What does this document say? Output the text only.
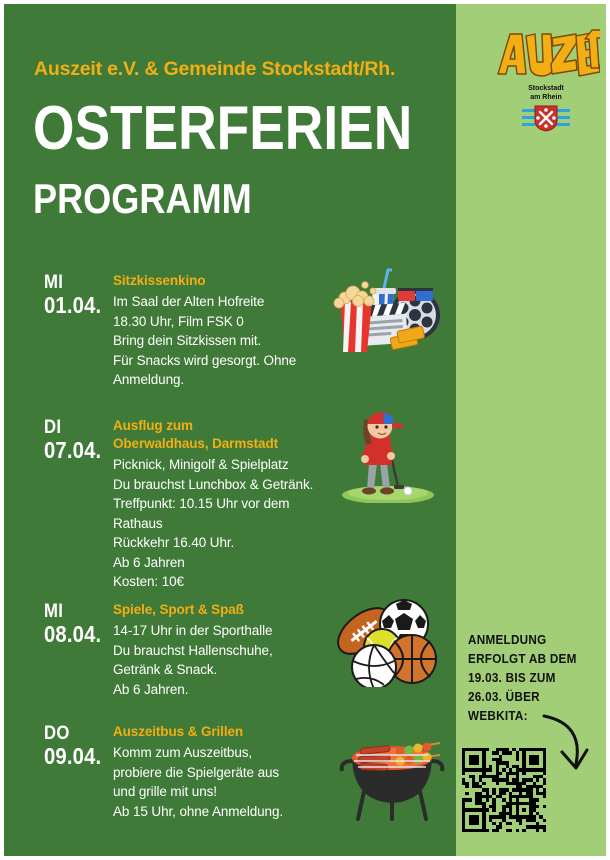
Auszeit e.V. & Gemeinde Stockstadt/Rh.
OSTERFERIEN
PROGRAMM
Stockstadt
am Rhein
MI
01.04.
Sitzkissenkino
Im Saal der Alten Hofreite
18.30 Uhr, Film FSK 0
Bring dein Sitzkissen mit.
Für Snacks wird gesorgt. Ohne
Anmeldung.
DI
07.04.
Ausflug zum
Oberwaldhaus, Darmstadt
Picknick, Minigolf & Spielplatz
Du brauchst Lunchbox & Getränk.
Treffpunkt: 10.15 Uhr vor dem Rathaus
Rückkehr 16.40 Uhr.
Ab 6 Jahren
Kosten: 10€
MI
08.04.
Spiele, Sport & Spaß
14-17 Uhr in der Sporthalle
Du brauchst Hallenschuhe,
Getränk & Snack.
Ab 6 Jahren.
DO
09.04.
Auszeitbus & Grillen
Komm zum Auszeitbus,
probiere die Spielgeräte aus
und grille mit uns!
Ab 15 Uhr, ohne Anmeldung.
ANMELDUNG ERFOLGT AB DEM 19.03. BIS ZUM 26.03. ÜBER WEBKITA:
